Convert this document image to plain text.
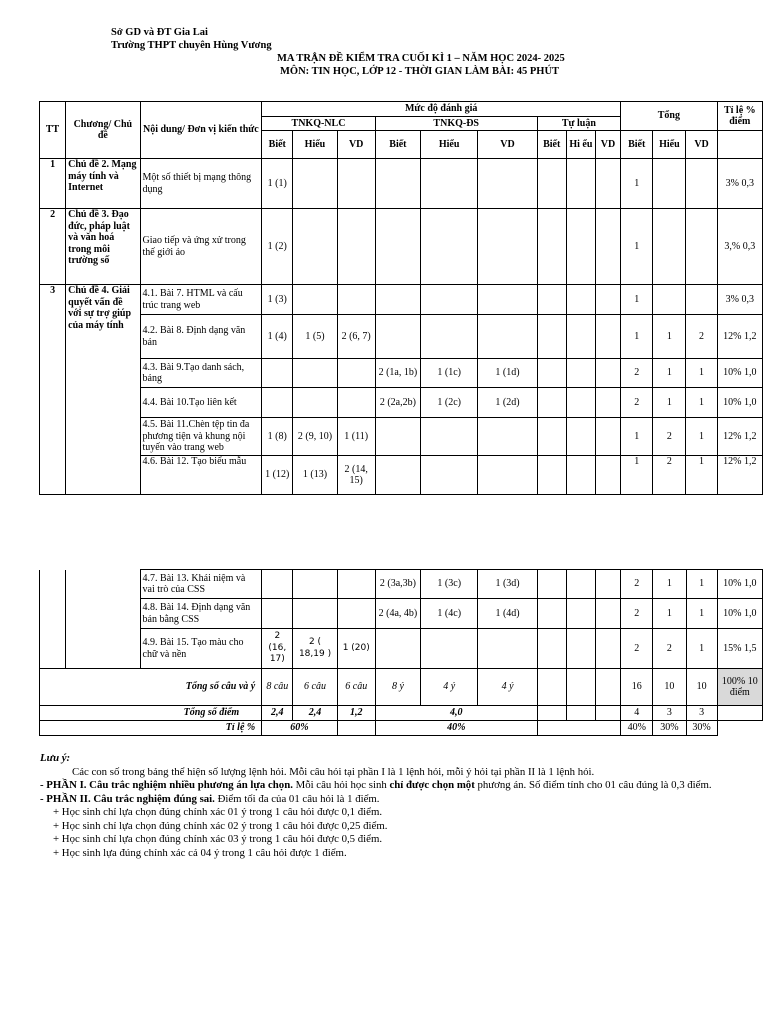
Sở GD và ĐT Gia Lai
Trường THPT chuyên Hùng Vương
MA TRẬN ĐỀ KIỂM TRA CUỐI KÌ 1 – NĂM HỌC 2024- 2025
MÔN: TIN HỌC, LỚP 12 - THỜI GIAN LÀM BÀI: 45 PHÚT
TT	Chương/ Chủ đề	Nội dung/ Đơn vị kiến thức	Mức độ đánh giá									Tổng			Tỉ lệ % điểm
			TNKQ-NLC			TNKQ-ĐS			Tự luận						
			Biết	Hiểu	VD	Biết	Hiểu	VD	Biết	Hi ểu	VD	Biết	Hiểu	VD	
1	Chủ đề 2. Mạng máy tính và Internet	Một số thiết bị mạng thông dụng	1 (1)									1			3% 0,3
2	Chủ đề 3. Đạo đức, pháp luật và văn hoá trong môi trường số	Giao tiếp và ứng xử trong thế giới ảo	1 (2)									1			3,% 0,3
3	Chủ đề 4. Giải quyết vấn đề với sự trợ giúp của máy tính	4.1. Bài 7. HTML và cấu trúc trang web	1 (3)									1			3% 0,3
		4.2. Bài 8. Định dạng văn bản	1 (4)	1 (5)	2 (6, 7)							1	1	2	12% 1,2
		4.3. Bài 9.Tạo danh sách, bảng				2 (1a, 1b)	1 (1c)	1 (1d)				2	1	1	10% 1,0
		4.4. Bài 10.Tạo liên kết				2 (2a,2b)	1 (2c)	1 (2d)				2	1	1	10% 1,0
		4.5. Bài 11.Chèn tệp tin đa phương tiện và khung nội tuyến vào trang web	1 (8)	2 (9, 10)	1 (11)							1	2	1	12% 1,2
		4.6. Bài 12. Tạo biểu mẫu	1 (12)	1 (13)	2 (14, 15)							1	2	1	12% 1,2
		4.7. Bài 13. Khái niệm và vai trò của CSS				2 (3a,3b)	1 (3c)	1 (3d)				2	1	1	10% 1,0
		4.8. Bài 14. Định dạng văn bản bằng CSS				2 (4a, 4b)	1 (4c)	1 (4d)				2	1	1	10% 1,0
		4.9. Bài 15. Tạo màu cho chữ và nền	2 (16, 17)	2 ( 18,19 )	1 (20)							2	2	1	15% 1,5
Tổng số câu và ý			8 câu	6 câu	6 câu	8 ý	4 ý	4 ý				16	10	10	100% 10 điểm
Tổng số điểm			2,4	2,4	1,2	4,0						4	3	3	
Tỉ lệ %			60%			40%						40%	30%	30%	
Lưu ý:
Các con số trong bảng thể hiện số lượng lệnh hỏi. Mỗi câu hỏi tại phần I là 1 lệnh hỏi, mỗi ý hỏi tại phần II là 1 lệnh hỏi.
- PHẦN I. Câu trắc nghiệm nhiều phương án lựa chọn. Mỗi câu hỏi học sinh chỉ được chọn một phương án. Số điểm tính cho 01 câu đúng là 0,3 điểm.
- PHẦN II. Câu trắc nghiệm đúng sai. Điểm tối đa của 01 câu hỏi là 1 điểm.
+ Học sinh chỉ lựa chọn đúng chính xác 01 ý trong 1 câu hỏi được 0,1 điểm.
+ Học sinh chỉ lựa chọn đúng chính xác 02 ý trong 1 câu hỏi được 0,25 điểm.
+ Học sinh chỉ lựa chọn đúng chính xác 03 ý trong 1 câu hỏi được 0,5 điểm.
+ Học sinh lựa đúng chính xác cả 04 ý trong 1 câu hỏi được 1 điểm.
